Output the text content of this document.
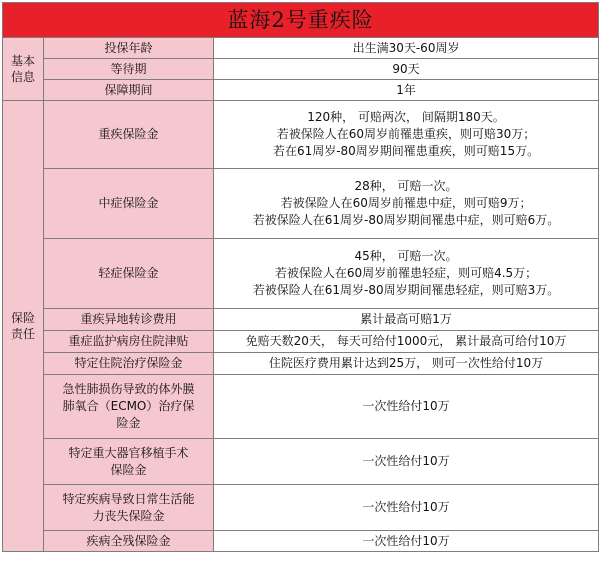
蓝海2号重疾险		
基本 信息	投保年龄	出生满30天-60周岁
	等待期	90天
	保障期间	1年
保险 责任	重疾保险金	120种， 可赔两次， 间隔期180天。
若被保险人在60周岁前罹患重疾，则可赔30万；
若在61周岁-80周岁期间罹患重疾，则可赔15万。

	中症保险金	28种， 可赔一次。
若被保险人在60周岁前罹患中症，则可赔9万；
若被保险人在61周岁-80周岁期间罹患中症，则可赔6万。

	轻症保险金	45种， 可赔一次。
若被保险人在60周岁前罹患轻症，则可赔4.5万；
若被保险人在61周岁-80周岁期间罹患轻症，则可赔3万。

	重疾异地转诊费用	累计最高可赔1万

	重症监护病房住院津贴	免赔天数20天， 每天可给付1000元， 累计最高可给付10万

	特定住院治疗保险金	住院医疗费用累计达到25万， 则可一次性给付10万

	急性肺损伤导致的体外膜
肺氧合（ECMO）治疗保
险金	一次性给付10万

	特定重大器官移植手术
保险金	一次性给付10万

	特定疾病导致日常生活能
力丧失保险金	一次性给付10万

	疾病全残保险金	一次性给付10万
